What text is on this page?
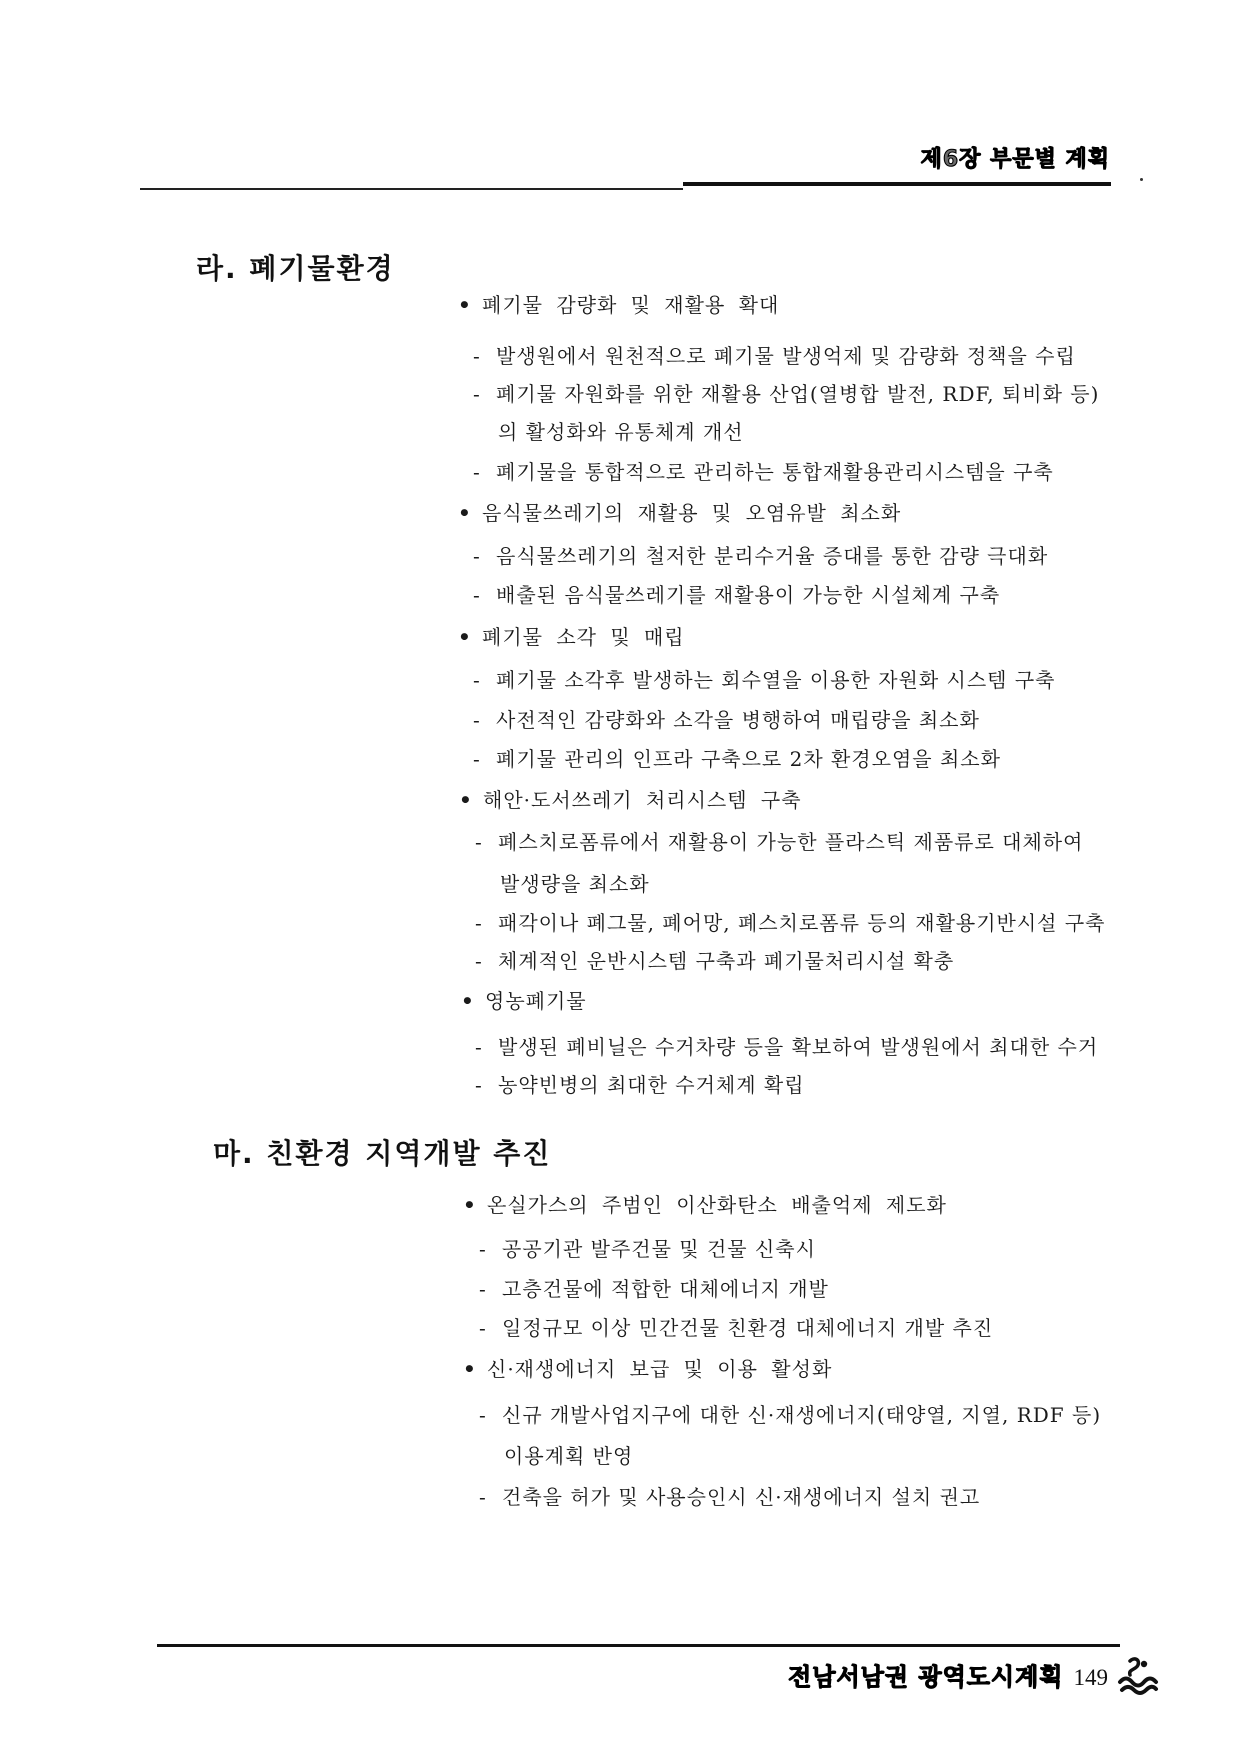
제6장 부문별 계획
라. 폐기물환경
• 폐기물 감량화 및 재활용 확대
- 발생원에서 원천적으로 폐기물 발생억제 및 감량화 정책을 수립
- 폐기물 자원화를 위한 재활용 산업(열병합 발전, RDF, 퇴비화 등)
의 활성화와 유통체계 개선
- 폐기물을 통합적으로 관리하는 통합재활용관리시스템을 구축
• 음식물쓰레기의 재활용 및 오염유발 최소화
- 음식물쓰레기의 철저한 분리수거율 증대를 통한 감량 극대화
- 배출된 음식물쓰레기를 재활용이 가능한 시설체계 구축
• 폐기물 소각 및 매립
- 폐기물 소각후 발생하는 회수열을 이용한 자원화 시스템 구축
- 사전적인 감량화와 소각을 병행하여 매립량을 최소화
- 폐기물 관리의 인프라 구축으로 2차 환경오염을 최소화
• 해안·도서쓰레기 처리시스템 구축
- 폐스치로폼류에서 재활용이 가능한 플라스틱 제품류로 대체하여
발생량을 최소화
- 패각이나 폐그물, 폐어망, 폐스치로폼류 등의 재활용기반시설 구축
- 체계적인 운반시스템 구축과 폐기물처리시설 확충
• 영농폐기물
- 발생된 폐비닐은 수거차량 등을 확보하여 발생원에서 최대한 수거
- 농약빈병의 최대한 수거체계 확립
마. 친환경 지역개발 추진
• 온실가스의 주범인 이산화탄소 배출억제 제도화
- 공공기관 발주건물 및 건물 신축시
- 고층건물에 적합한 대체에너지 개발
- 일정규모 이상 민간건물 친환경 대체에너지 개발 추진
• 신·재생에너지 보급 및 이용 활성화
- 신규 개발사업지구에 대한 신·재생에너지(태양열, 지열, RDF 등)
이용계획 반영
- 건축을 허가 및 사용승인시 신·재생에너지 설치 권고
전남서남권 광역도시계획 149
